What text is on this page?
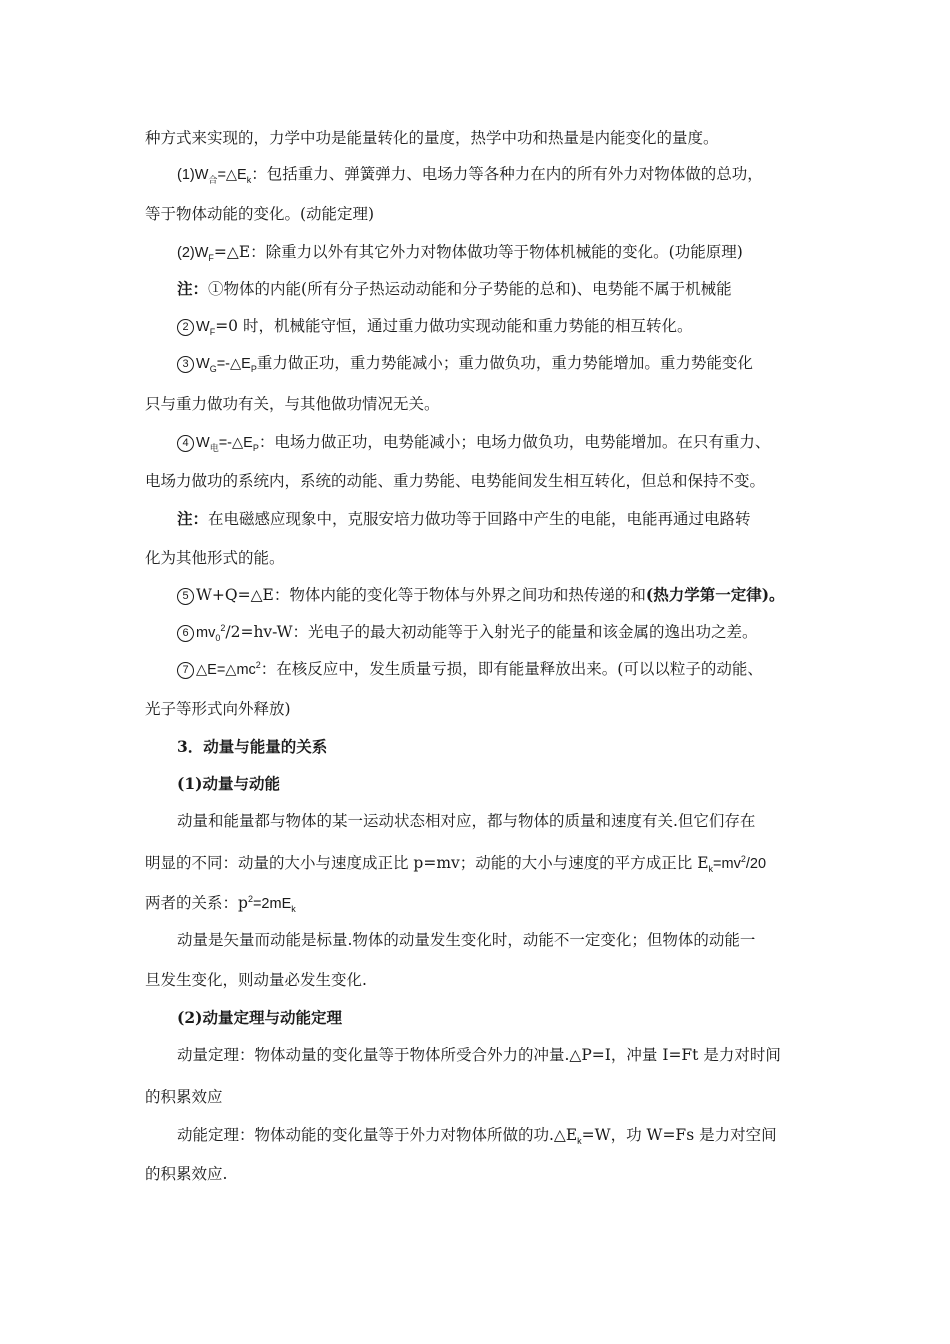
种方式来实现的，力学中功是能量转化的量度，热学中功和热量是内能变化的量度。
$(1)W_合=\triangle E_k$：包括重力、弹簧弹力、电场力等各种力在内的所有外力对物体做的总功，
等于物体动能的变化。(动能定理)
$(2)W_F=\triangle E$：除重力以外有其它外力对物体做功等于物体机械能的变化。(功能原理)
注：①物体的内能(所有分子热运动动能和分子势能的总和)、电势能不属于机械能
2 $W_F=0$ 时，机械能守恒，通过重力做功实现动能和重力势能的相互转化。
3 $W_G=-\triangle E_P$重力做正功，重力势能减小；重力做负功，重力势能增加。重力势能变化
只与重力做功有关，与其他做功情况无关。
4 $W_电=-\triangle E_P$：电场力做正功，电势能减小；电场力做负功，电势能增加。在只有重力、
电场力做功的系统内，系统的动能、重力势能、电势能间发生相互转化，但总和保持不变。
注：在电磁感应现象中，克服安培力做功等于回路中产生的电能，电能再通过电路转
化为其他形式的能。
5 W+Q=△E：物体内能的变化等于物体与外界之间功和热传递的和(热力学第一定律)。
6 $mv_0^2/2=hv-W$：光电子的最大初动能等于入射光子的能量和该金属的逸出功之差。
7 $\triangle E=\triangle mc^2$：在核反应中，发生质量亏损，即有能量释放出来。(可以以粒子的动能、
光子等形式向外释放)
3．动量与能量的关系
(1)动量与动能
动量和能量都与物体的某一运动状态相对应，都与物体的质量和速度有关.但它们存在
明显的不同：动量的大小与速度成正比 p=mv；动能的大小与速度的平方成正比 $E_k=mv^2/20$
两者的关系：$p^2=2mE_k$
动量是矢量而动能是标量.物体的动量发生变化时，动能不一定变化；但物体的动能一
旦发生变化，则动量必发生变化.
(2)动量定理与动能定理
动量定理：物体动量的变化量等于物体所受合外力的冲量.△P=I，冲量 I=Ft 是力对时间
的积累效应
动能定理：物体动能的变化量等于外力对物体所做的功$.\triangle E_k=W$，功 W=Fs 是力对空间
的积累效应.
